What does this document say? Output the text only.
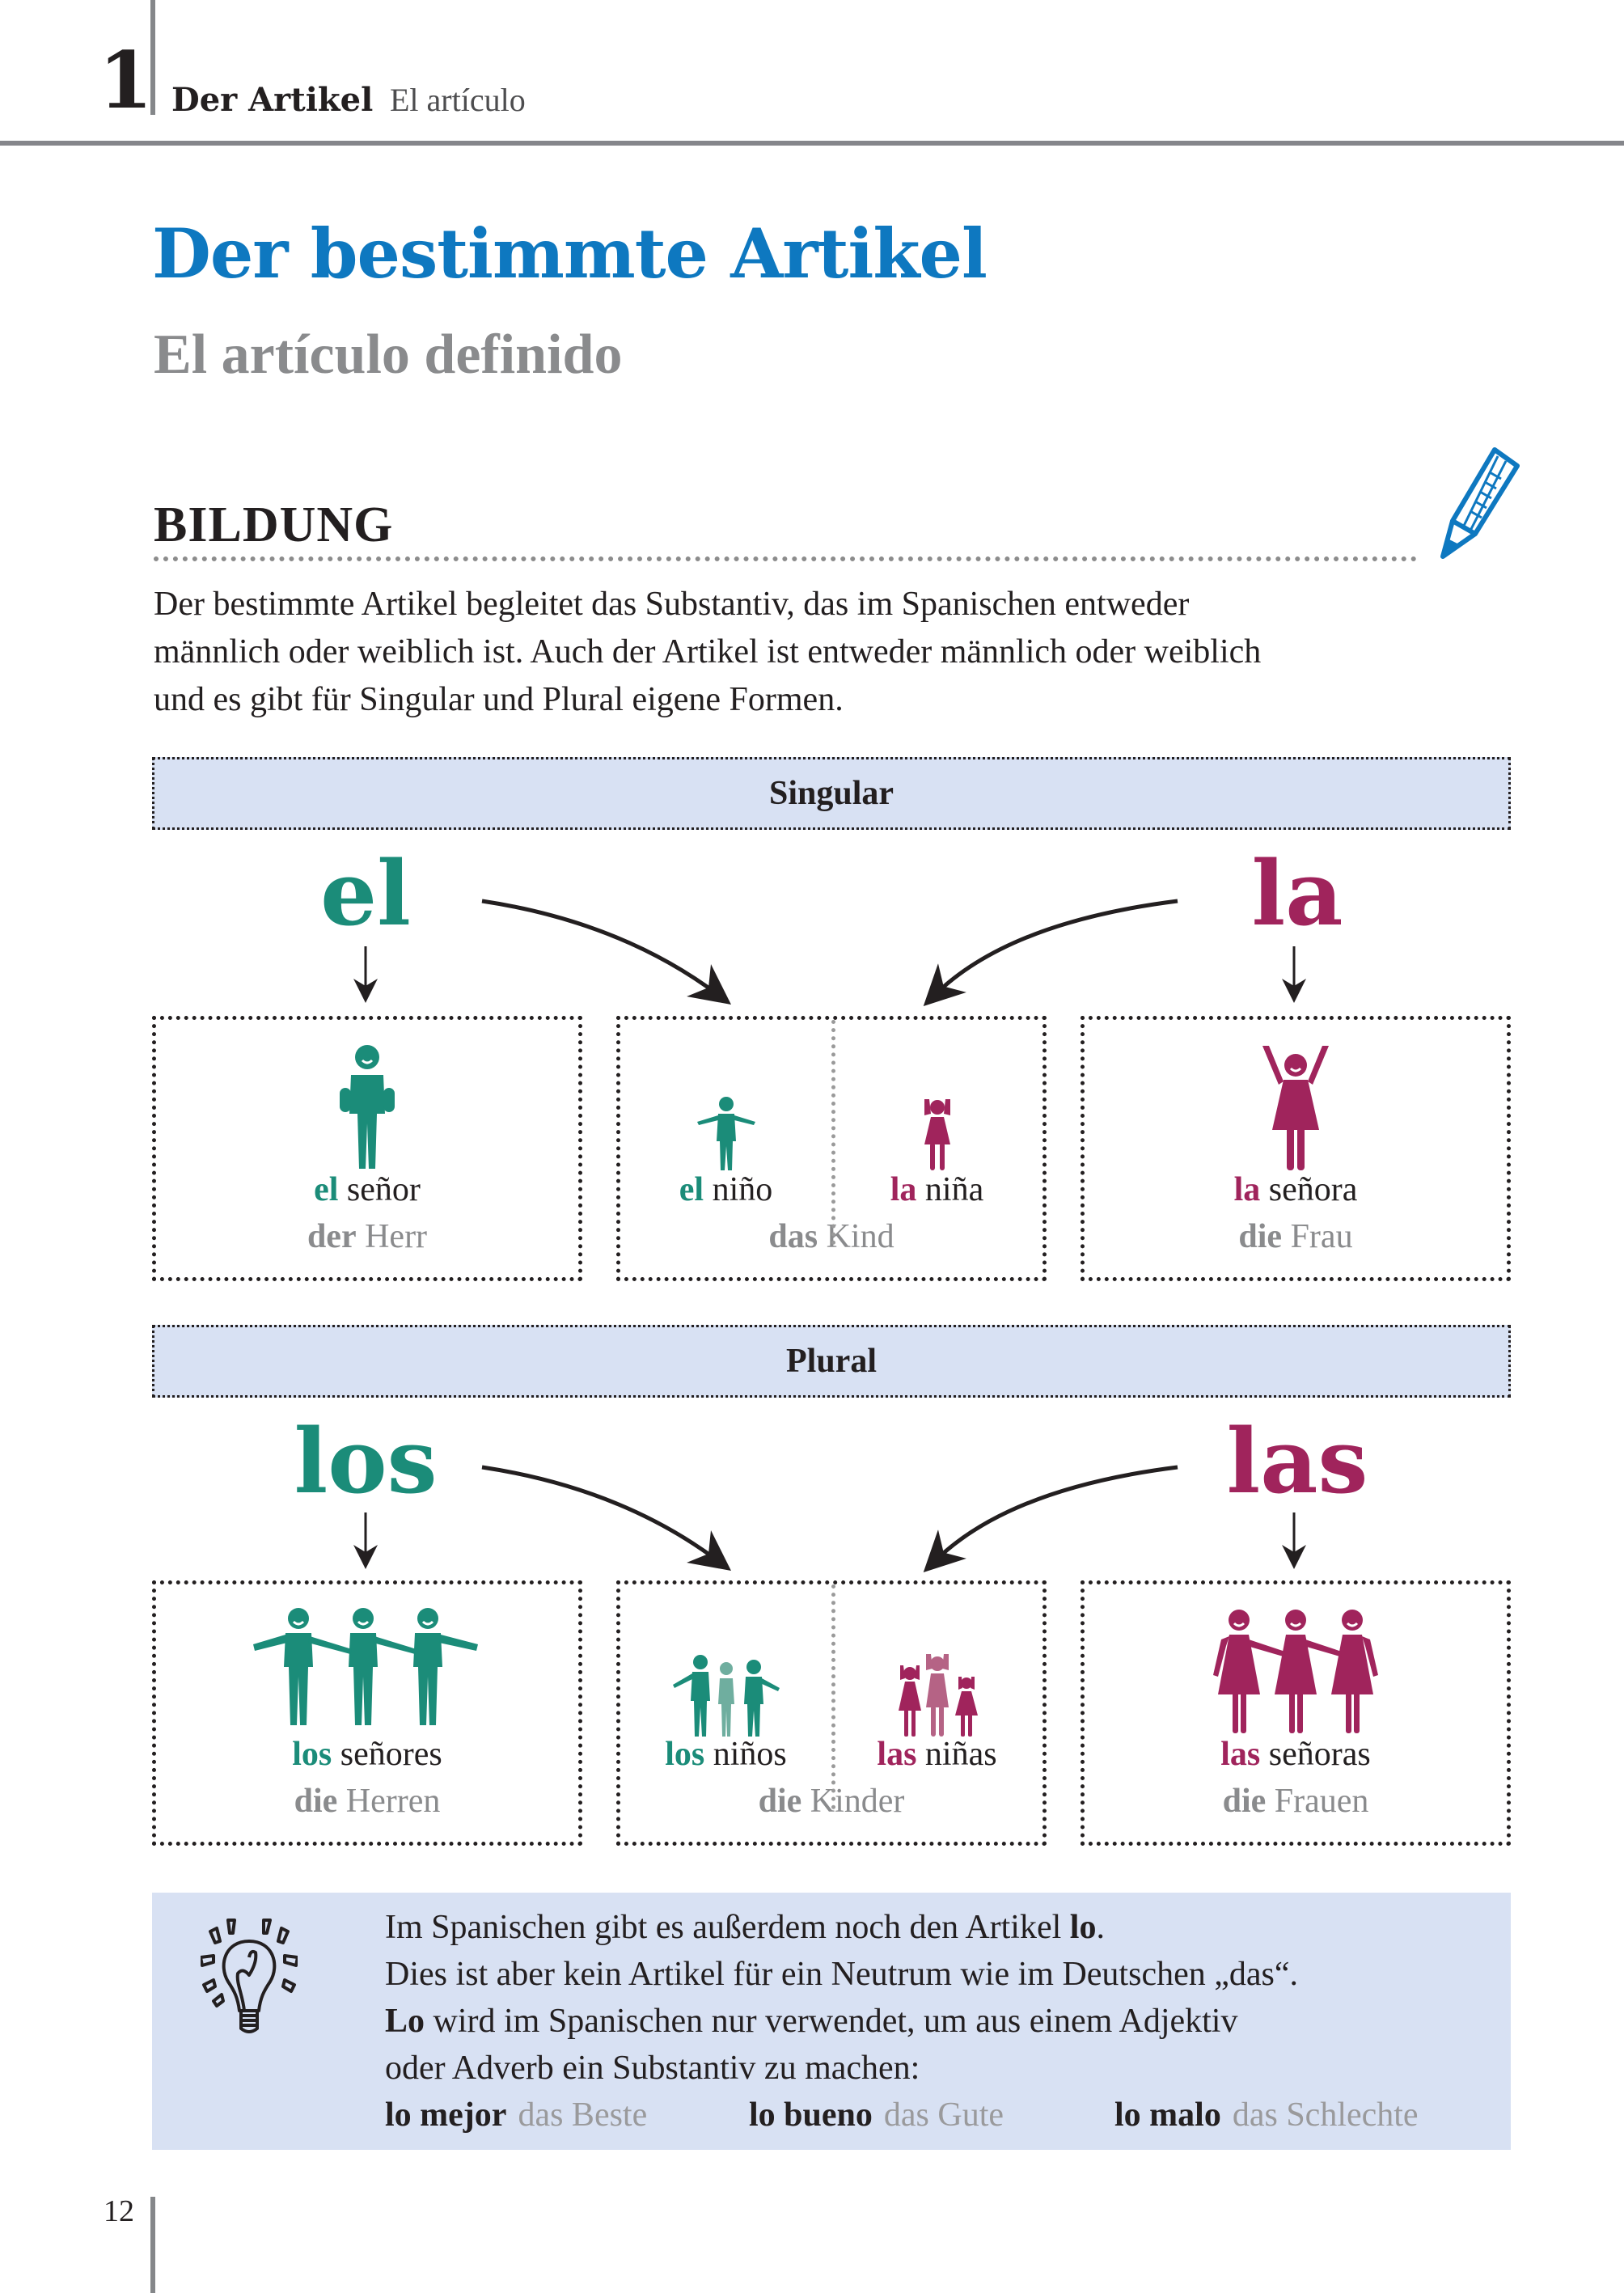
1 Der Artikel El artículo
Der bestimmte Artikel
El artículo definido
BILDUNG
Der bestimmte Artikel begleitet das Substantiv, das im Spanischen entweder
männlich oder weiblich ist. Auch der Artikel ist entweder männlich oder weiblich
und es gibt für Singular und Plural eigene Formen.
Singular
el	la
el señor
der Herr
el niño	la niña
das Kind
la señora
die Frau
Plural
los	las
los señores
die Herren
los niños	las niñas
die Kinder
las señoras
die Frauen
Im Spanischen gibt es außerdem noch den Artikel lo.
Dies ist aber kein Artikel für ein Neutrum wie im Deutschen „das“.
Lo wird im Spanischen nur verwendet, um aus einem Adjektiv
oder Adverb ein Substantiv zu machen:
lo mejor das Beste	lo bueno das Gute	lo malo das Schlechte
12
